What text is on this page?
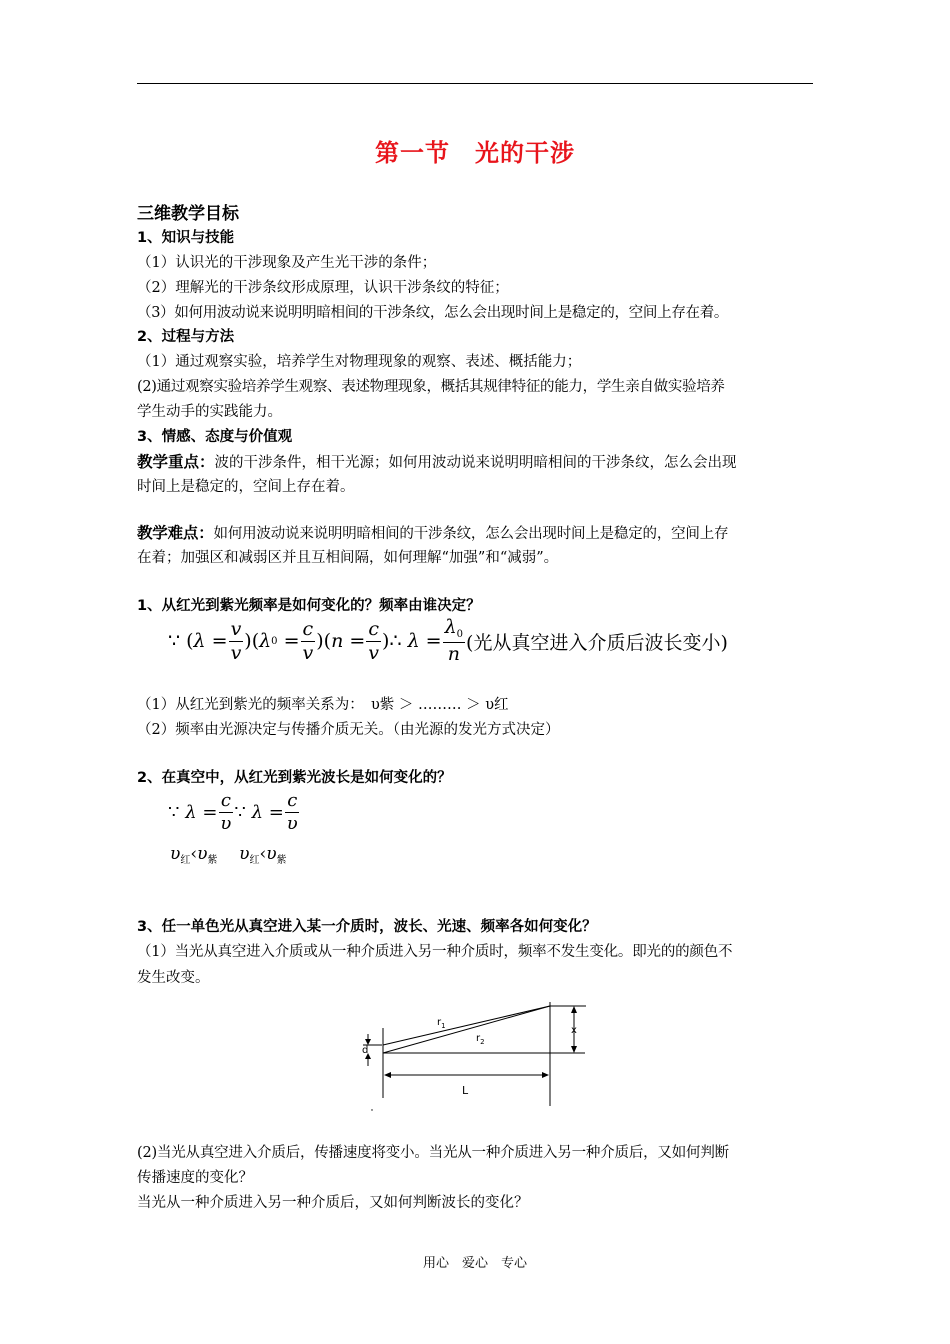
第一节　光的干涉
三维教学目标
1、知识与技能
（1）认识光的干涉现象及产生光干涉的条件；
（2）理解光的干涉条纹形成原理，认识干涉条纹的特征；
（3）如何用波动说来说明明暗相间的干涉条纹，怎么会出现时间上是稳定的，空间上存在着。
2、过程与方法
（1）通过观察实验，培养学生对物理现象的观察、表述、概括能力；
(2)通过观察实验培养学生观察、表述物理现象，概括其规律特征的能力，学生亲自做实验培养
学生动手的实践能力。
3、情感、态度与价值观
教学重点：波的干涉条件，相干光源；如何用波动说来说明明暗相间的干涉条纹，怎么会出现
时间上是稳定的，空间上存在着。
教学难点：如何用波动说来说明明暗相间的干涉条纹，怎么会出现时间上是稳定的，空间上存
在着；加强区和减弱区并且互相间隔，如何理解“加强”和“减弱”。
1、从红光到紫光频率是如何变化的？频率由谁决定？
∵ ( $\lambda = \frac{v}{v}$ )( λ $0 = \frac{c}{v}$ )( $n = \frac{c}{v}$ ) ∴
$\lambda = \frac{\lambda_0}{n}$ (光从真空进入介质后波长变小)
（1）从红光到紫光的频率关系为：　υ紫 ＞ ……… ＞ υ红
（2）频率由光源决定与传播介质无关。（由光源的发光方式决定）
2、在真空中，从红光到紫光波长是如何变化的？
∵
$\lambda = \frac{c}{\upsilon}$ ∵
$\lambda = \frac{c}{\upsilon}$
$\upsilon_红‹\upsilon_紫$ $\upsilon_红‹\upsilon_紫$
3、任一单色光从真空进入某一介质时，波长、光速、频率各如何变化？
（1）当光从真空进入介质或从一种介质进入另一种介质时，频率不发生变化。即光的的颜色不
发生改变。
$r_1$
$r_2$
x
d
L
(2)当光从真空进入介质后，传播速度将变小。当光从一种介质进入另一种介质后，又如何判断
传播速度的变化？
当光从一种介质进入另一种介质后，又如何判断波长的变化？
用心　爱心　专心
